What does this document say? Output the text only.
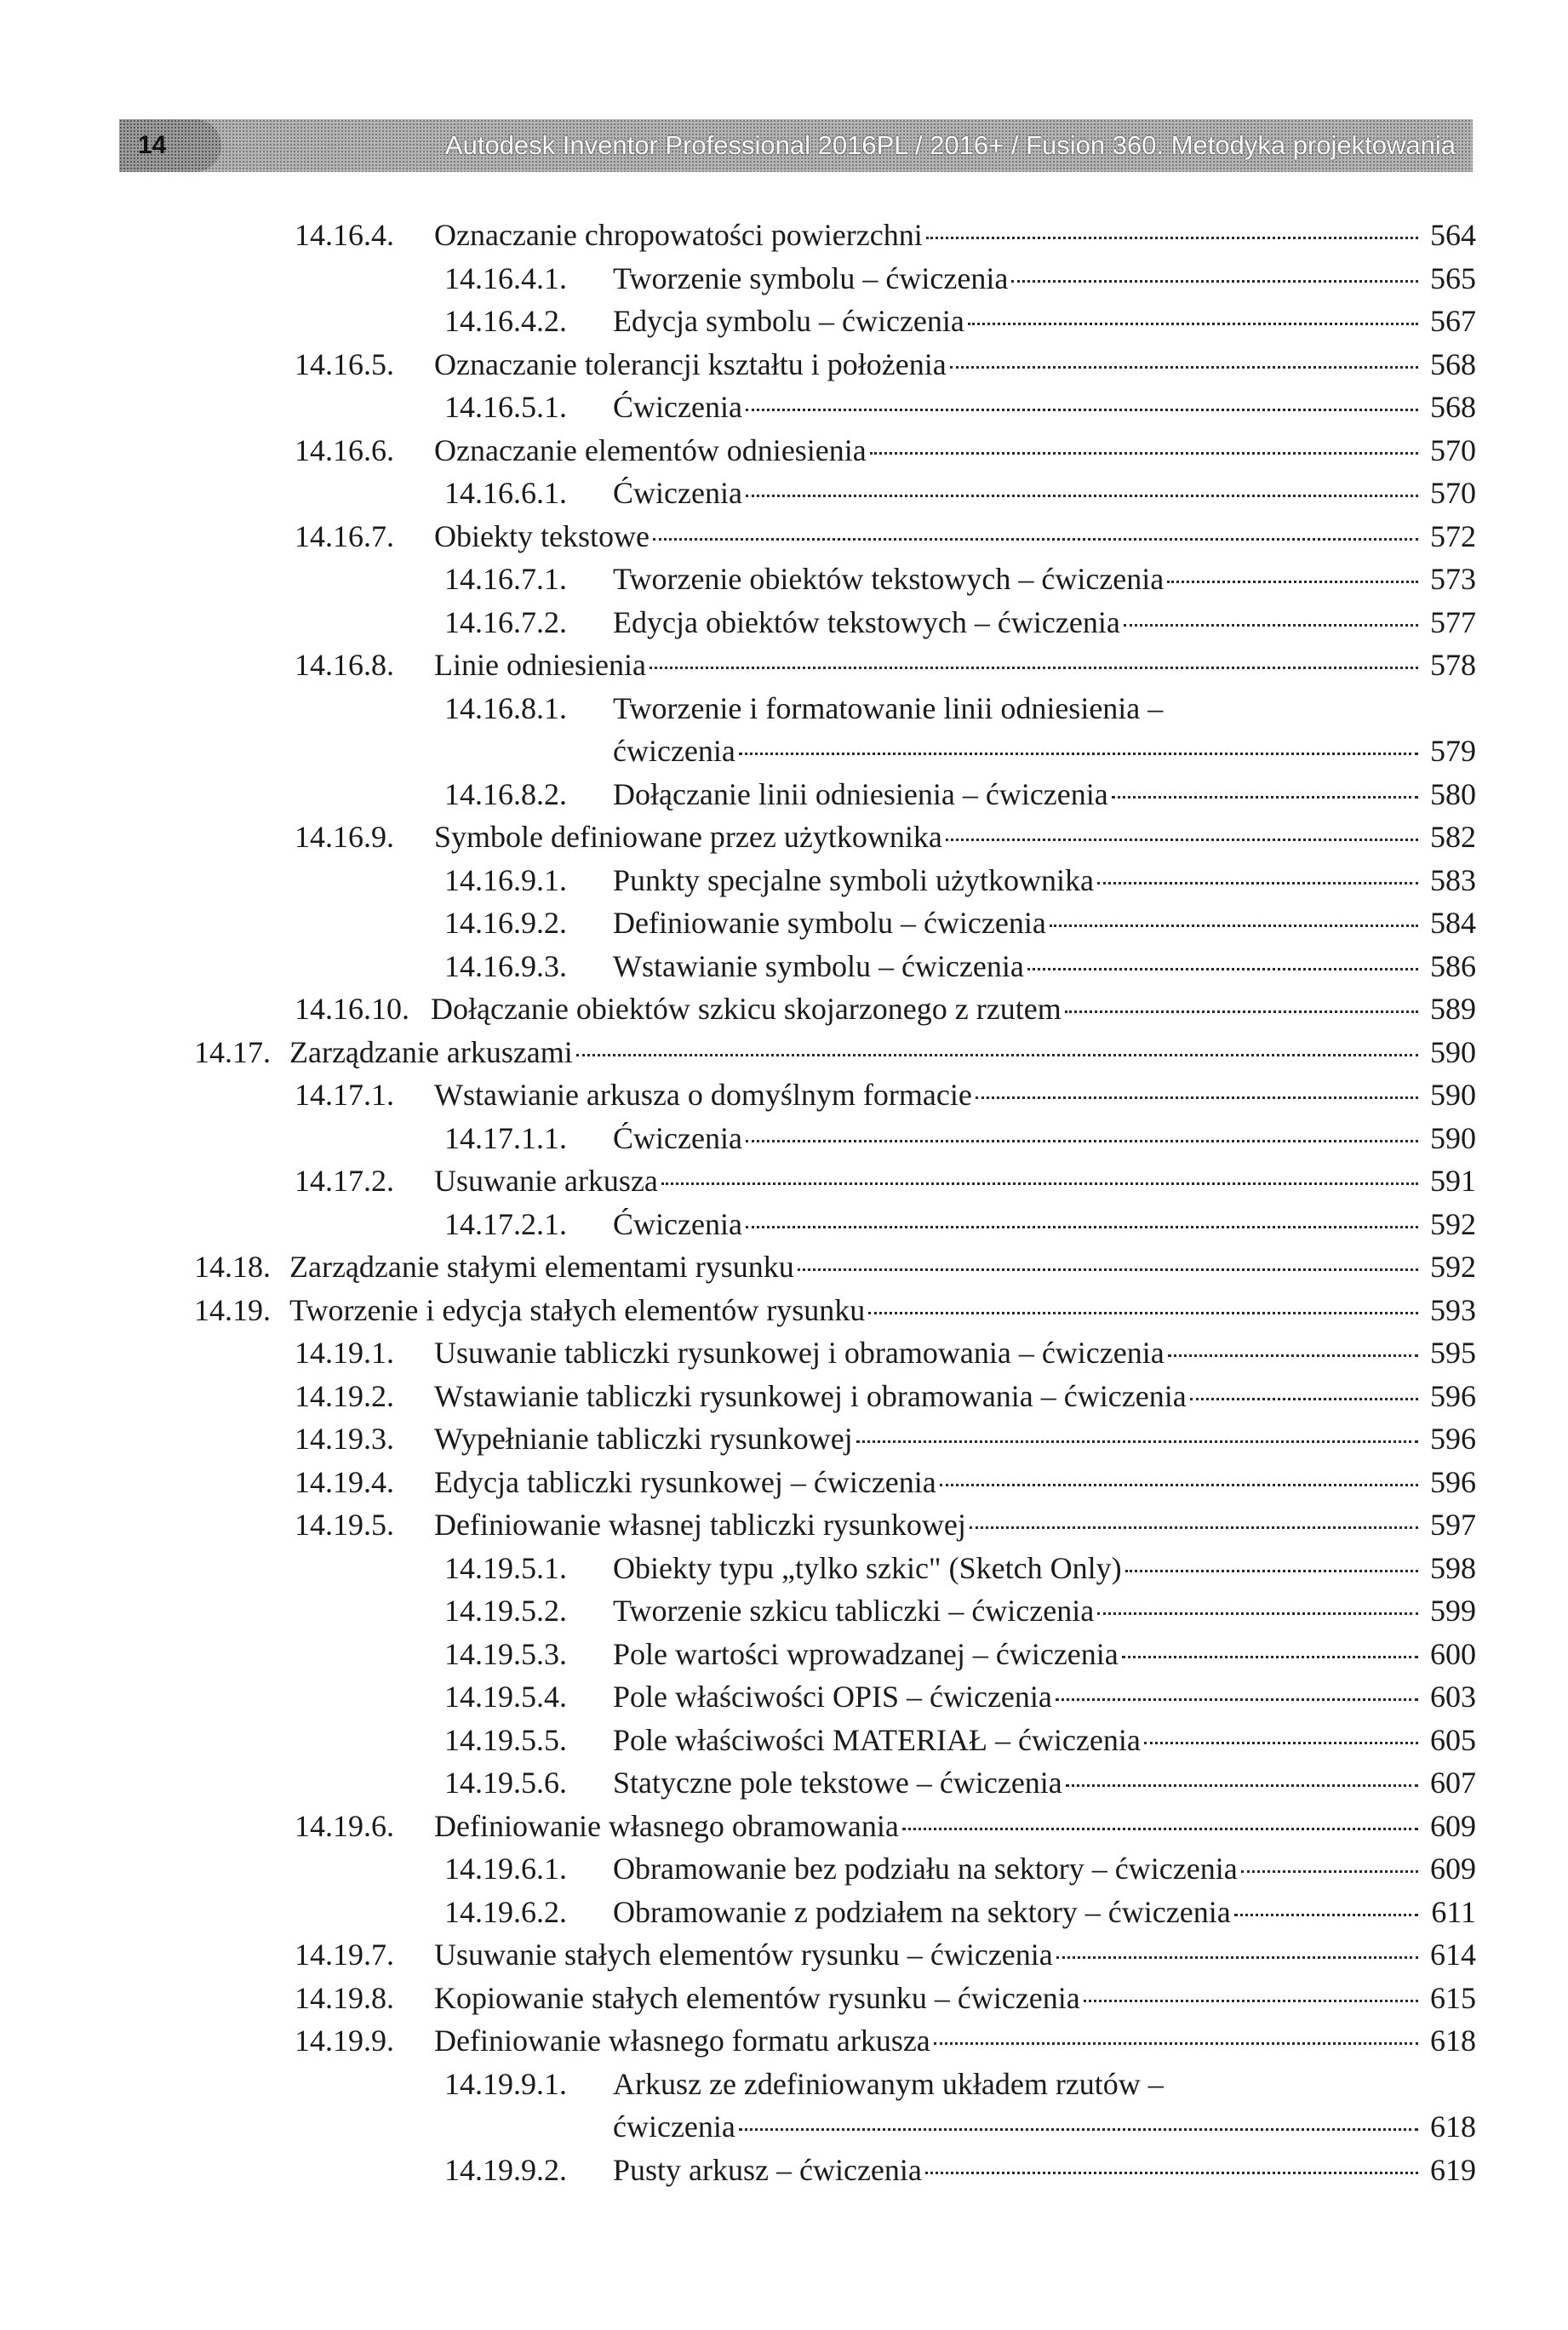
14	Autodesk Inventor Professional 2016PL / 2016+ / Fusion 360. Metodyka projektowania
14.16.4. Oznaczanie chropowatości powierzchni	564
14.16.4.1. Tworzenie symbolu – ćwiczenia	565
14.16.4.2. Edycja symbolu – ćwiczenia	567
14.16.5. Oznaczanie tolerancji kształtu i położenia	568
14.16.5.1. Ćwiczenia	568
14.16.6. Oznaczanie elementów odniesienia	570
14.16.6.1. Ćwiczenia	570
14.16.7. Obiekty tekstowe	572
14.16.7.1. Tworzenie obiektów tekstowych – ćwiczenia	573
14.16.7.2. Edycja obiektów tekstowych – ćwiczenia	577
14.16.8. Linie odniesienia	578
14.16.8.1. Tworzenie i formatowanie linii odniesienia –
ćwiczenia	579
14.16.8.2. Dołączanie linii odniesienia – ćwiczenia	580
14.16.9. Symbole definiowane przez użytkownika	582
14.16.9.1. Punkty specjalne symboli użytkownika	583
14.16.9.2. Definiowanie symbolu – ćwiczenia	584
14.16.9.3. Wstawianie symbolu – ćwiczenia	586
14.16.10. Dołączanie obiektów szkicu skojarzonego z rzutem	589
14.17. Zarządzanie arkuszami	590
14.17.1. Wstawianie arkusza o domyślnym formacie	590
14.17.1.1. Ćwiczenia	590
14.17.2. Usuwanie arkusza	591
14.17.2.1. Ćwiczenia	592
14.18. Zarządzanie stałymi elementami rysunku	592
14.19. Tworzenie i edycja stałych elementów rysunku	593
14.19.1. Usuwanie tabliczki rysunkowej i obramowania – ćwiczenia	595
14.19.2. Wstawianie tabliczki rysunkowej i obramowania – ćwiczenia	596
14.19.3. Wypełnianie tabliczki rysunkowej	596
14.19.4. Edycja tabliczki rysunkowej – ćwiczenia	596
14.19.5. Definiowanie własnej tabliczki rysunkowej	597
14.19.5.1. Obiekty typu „tylko szkic" (Sketch Only)	598
14.19.5.2. Tworzenie szkicu tabliczki – ćwiczenia	599
14.19.5.3. Pole wartości wprowadzanej – ćwiczenia	600
14.19.5.4. Pole właściwości OPIS – ćwiczenia	603
14.19.5.5. Pole właściwości MATERIAŁ – ćwiczenia	605
14.19.5.6. Statyczne pole tekstowe – ćwiczenia	607
14.19.6. Definiowanie własnego obramowania	609
14.19.6.1. Obramowanie bez podziału na sektory – ćwiczenia	609
14.19.6.2. Obramowanie z podziałem na sektory – ćwiczenia	611
14.19.7. Usuwanie stałych elementów rysunku – ćwiczenia	614
14.19.8. Kopiowanie stałych elementów rysunku – ćwiczenia	615
14.19.9. Definiowanie własnego formatu arkusza	618
14.19.9.1. Arkusz ze zdefiniowanym układem rzutów –
ćwiczenia	618
14.19.9.2. Pusty arkusz – ćwiczenia	619
